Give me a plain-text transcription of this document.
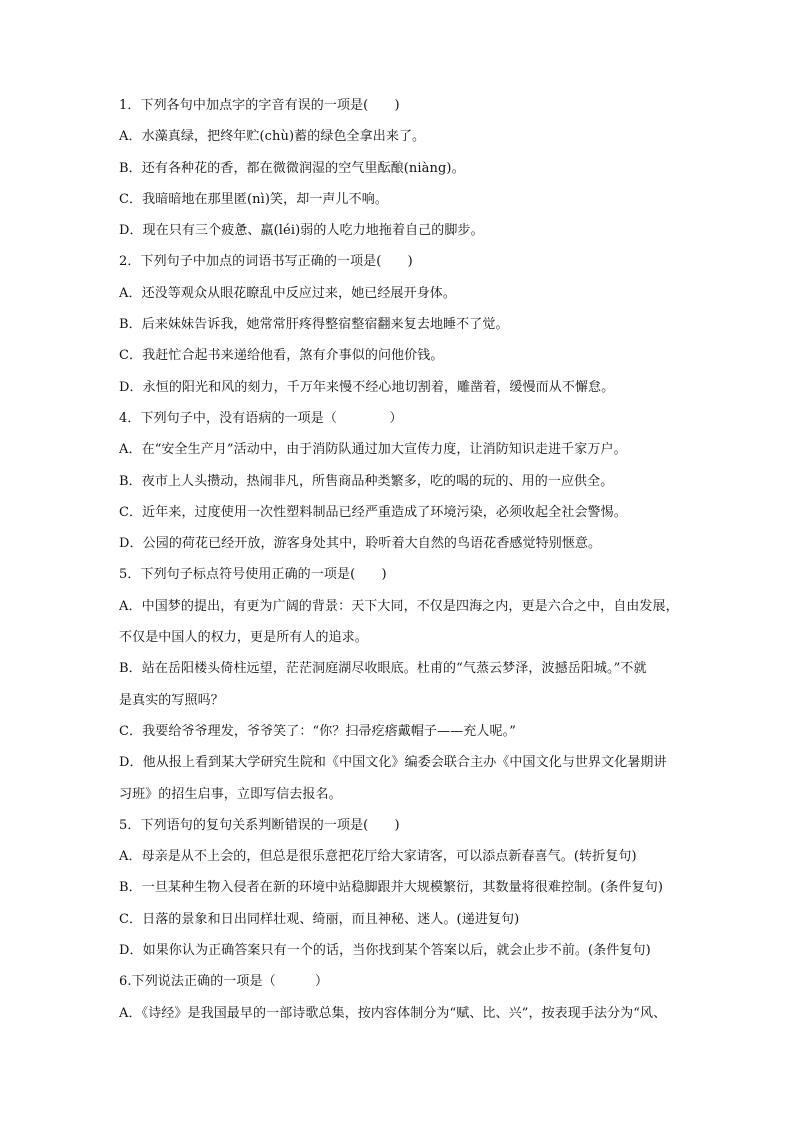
1．下列各句中加点字的字音有误的一项是(　　)
A．水藻真绿，把终年贮(chù)蓄的绿色全拿出来了。
B．还有各种花的香，都在微微润湿的空气里酝酿(niàng)。
C．我暗暗地在那里匿(nì)笑，却一声儿不响。
D．现在只有三个疲惫、羸(léi)弱的人吃力地拖着自己的脚步。
2．下列句子中加点的词语书写正确的一项是(　　)
A．还没等观众从眼花瞭乱中反应过来，她已经展开身体。
B．后来妹妹告诉我，她常常肝疼得整宿整宿翻来复去地睡不了觉。
C．我赶忙合起书来递给他看，煞有介事似的问他价钱。
D．永恒的阳光和风的刻力，千万年来慢不经心地切割着，雕凿着，缓慢而从不懈怠。
4．下列句子中，没有语病的一项是（　　　　）
A．在“安全生产月”活动中，由于消防队通过加大宣传力度，让消防知识走进千家万户。
B．夜市上人头攒动，热闹非凡，所售商品种类繁多，吃的喝的玩的、用的一应供全。
C．近年来，过度使用一次性塑料制品已经严重造成了环境污染，必须收起全社会警惕。
D．公园的荷花已经开放，游客身处其中，聆听着大自然的鸟语花香感觉特别惬意。
5．下列句子标点符号使用正确的一项是(　　)
A．中国梦的提出，有更为广阔的背景：天下大同，不仅是四海之内，更是六合之中，自由发展，
不仅是中国人的权力，更是所有人的追求。
B．站在岳阳楼头倚柱远望，茫茫洞庭湖尽收眼底。杜甫的“气蒸云梦泽，波撼岳阳城。”不就
是真实的写照吗？
C．我要给爷爷理发，爷爷笑了：“你？扫帚疙瘩戴帽子——充人呢。”
D．他从报上看到某大学研究生院和《中国文化》编委会联合主办《中国文化与世界文化暑期讲
习班》的招生启事，立即写信去报名。
5．下列语句的复句关系判断错误的一项是(　　)
A．母亲是从不上会的，但总是很乐意把花厅给大家请客，可以添点新春喜气。(转折复句)
B．一旦某种生物入侵者在新的环境中站稳脚跟并大规模繁衍，其数量将很难控制。(条件复句)
C．日落的景象和日出同样壮观、绮丽，而且神秘、迷人。(递进复句)
D．如果你认为正确答案只有一个的话，当你找到某个答案以后，就会止步不前。(条件复句)
6.下列说法正确的一项是（　　　）
A．《诗经》是我国最早的一部诗歌总集，按内容体制分为“赋、比、兴”，按表现手法分为“风、
